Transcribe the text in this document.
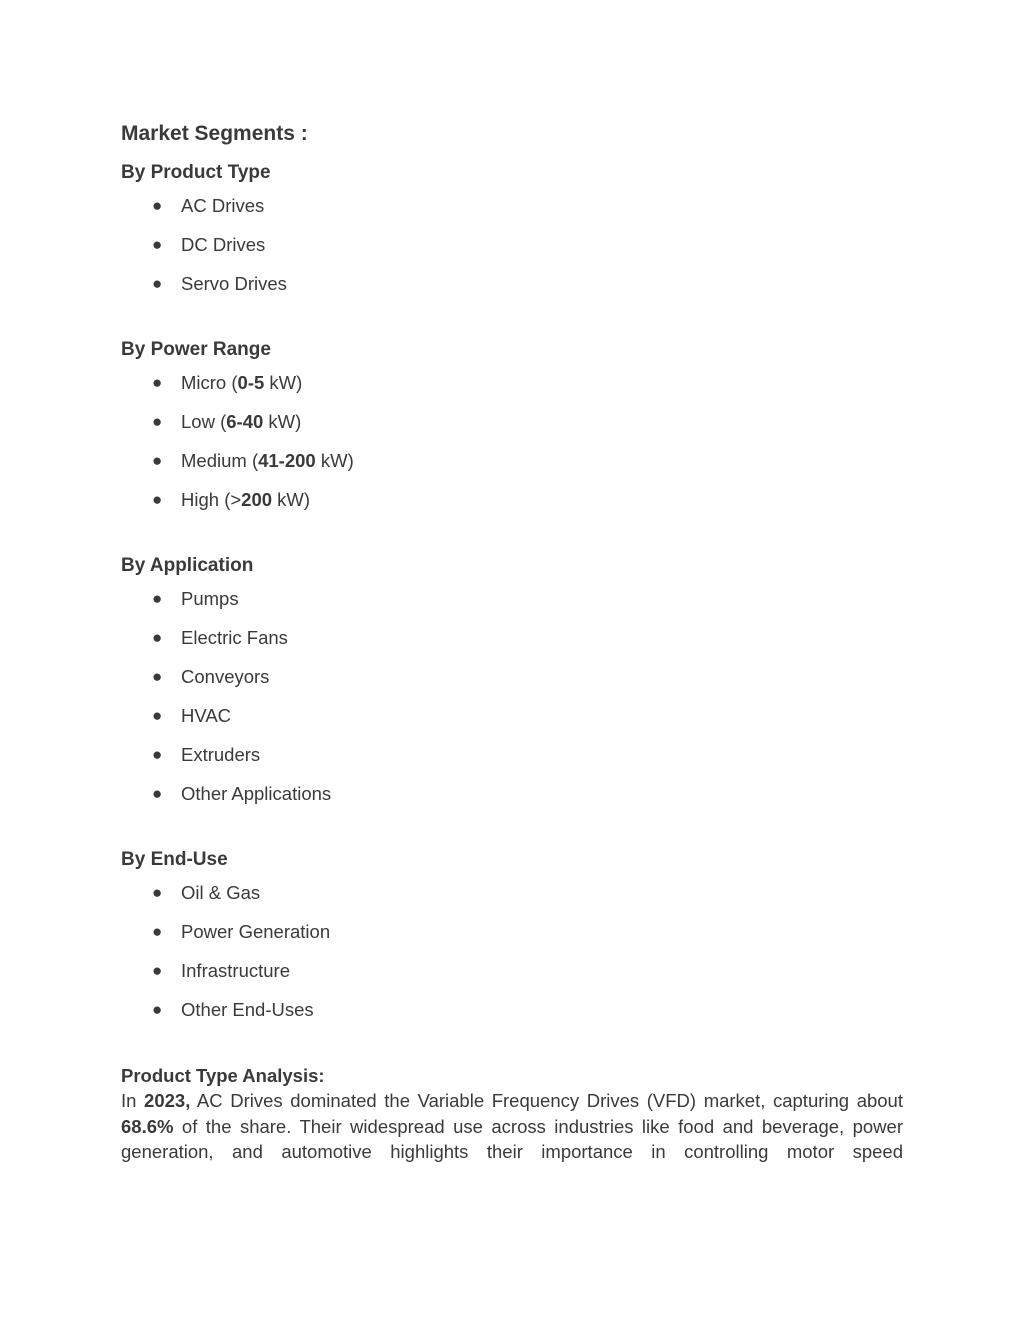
Market Segments :
By Product Type
● AC Drives
● DC Drives
● Servo Drives
By Power Range
● Micro (0-5 kW)
● Low (6-40 kW)
● Medium (41-200 kW)
● High (>200 kW)
By Application
● Pumps
● Electric Fans
● Conveyors
● HVAC
● Extruders
● Other Applications
By End-Use
● Oil & Gas
● Power Generation
● Infrastructure
● Other End-Uses

Product Type Analysis:

In 2023, AC Drives dominated the Variable Frequency Drives (VFD) market, capturing about 68.6% of the share. Their widespread use across industries like food and beverage, power generation, and automotive highlights their importance in controlling motor speed
